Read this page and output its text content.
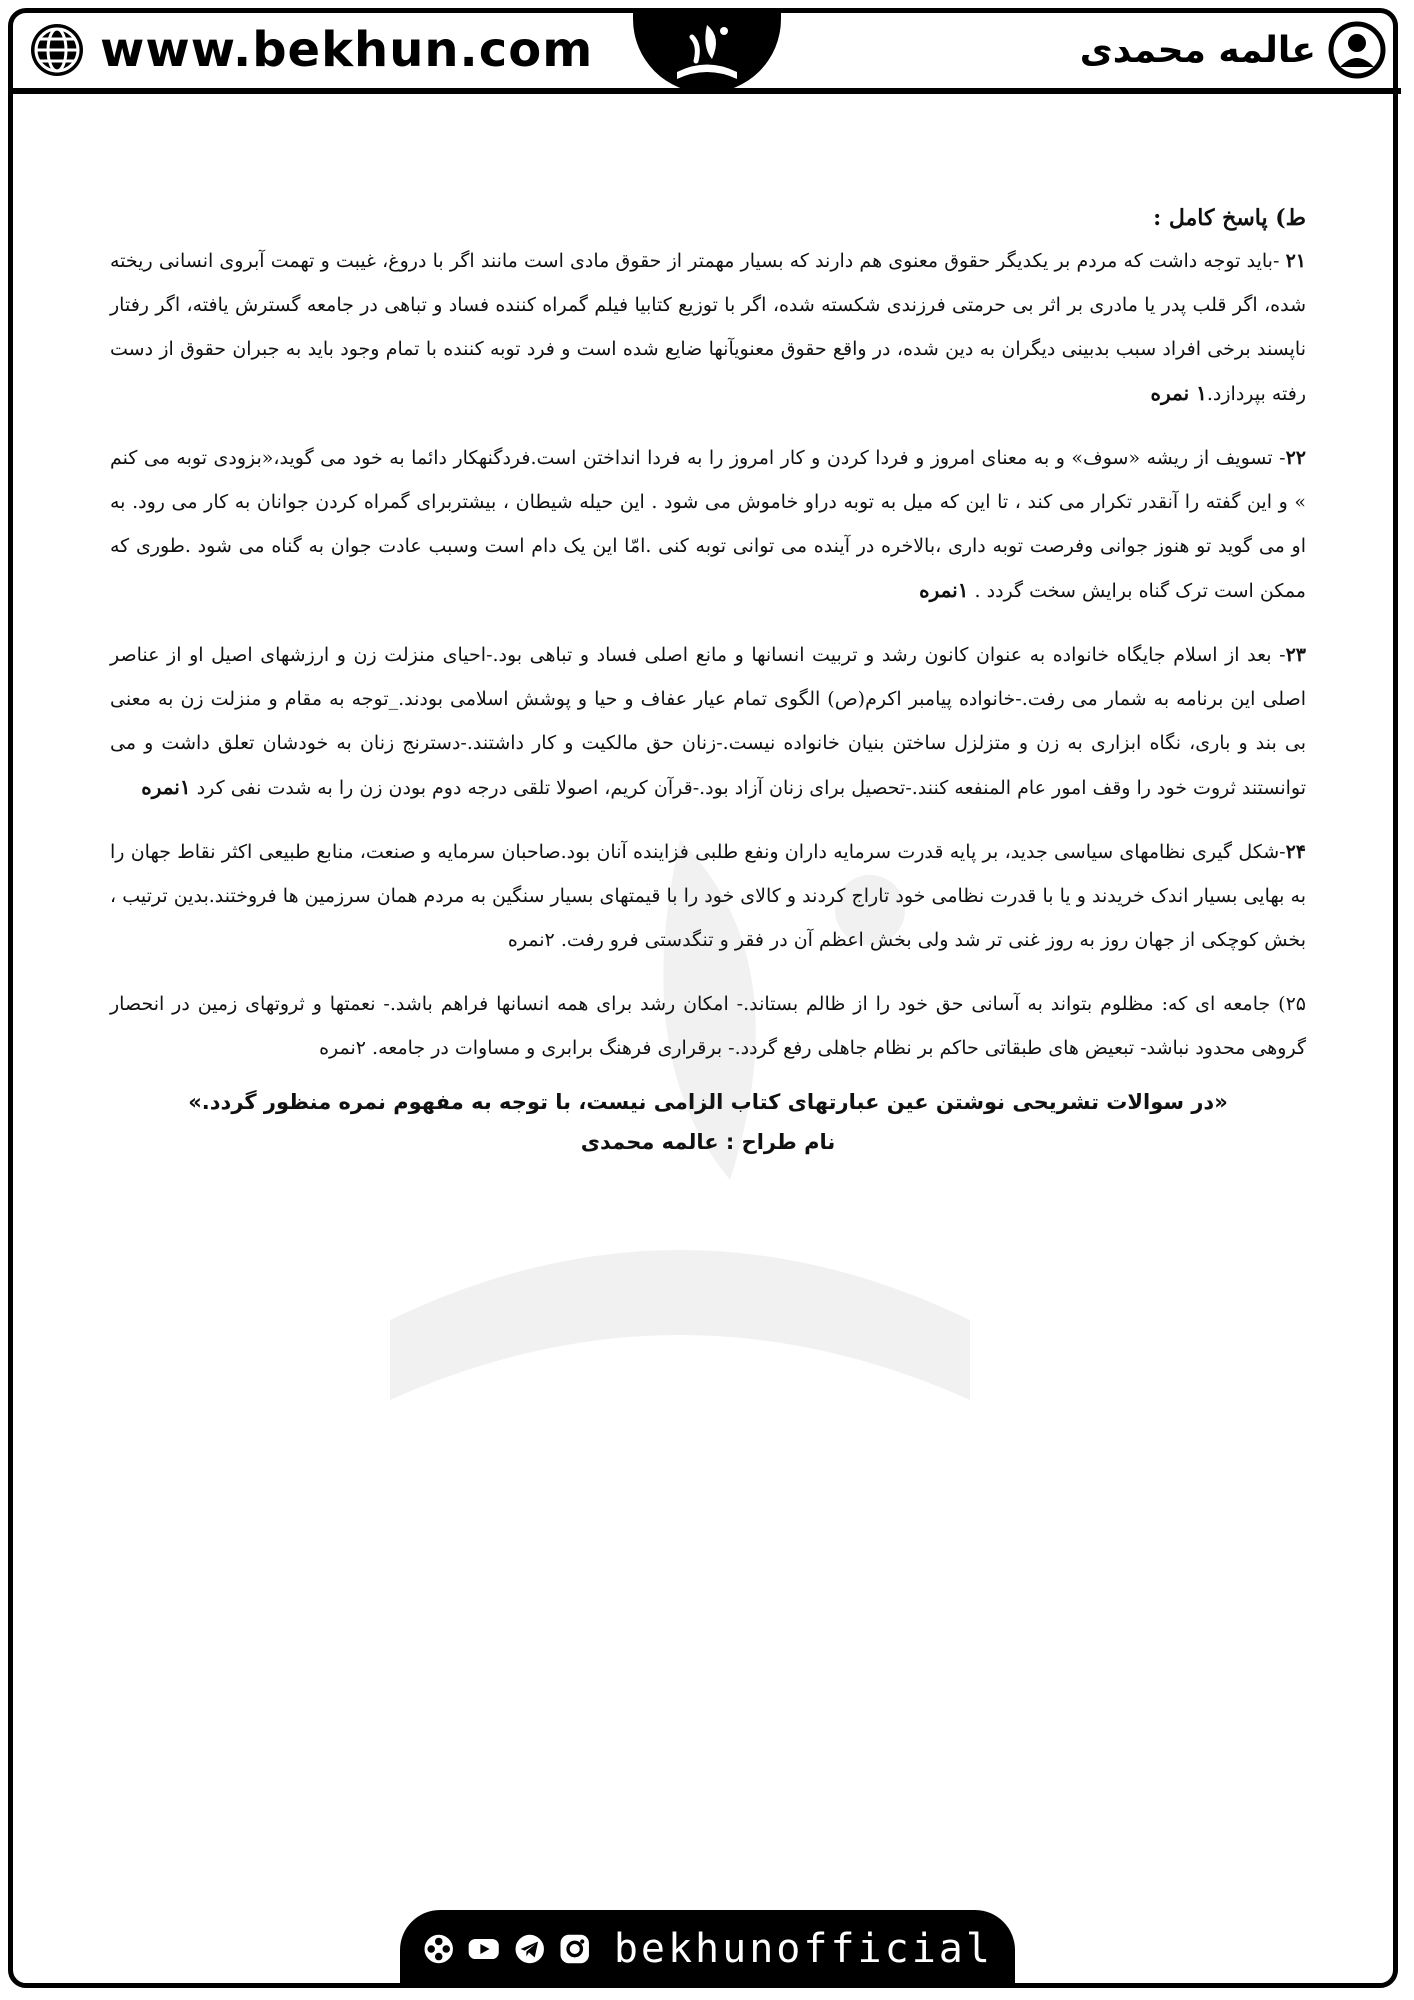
www.bekhun.com	عالمه محمدی
ط) پاسخ کامل :

۲۱ -باید توجه داشت که مردم بر یکدیگر حقوق معنوی هم دارند که بسیار مهمتر از حقوق مادی است مانند اگر با دروغ، غیبت و تهمت آبروی انسانی ریخته شده، اگر قلب پدر یا مادری بر اثر بی حرمتی فرزندی شکسته شده، اگر با توزیع کتابیا فیلم گمراه کننده فساد و تباهی در جامعه گسترش یافته، اگر رفتار ناپسند برخی افراد سبب بدبینی دیگران به دین شده، در واقع حقوق معنویآنها ضایع شده است و فرد توبه کننده با تمام وجود باید به جبران حقوق از دست رفته بپردازد.۱ نمره

۲۲- تسویف از ریشه «سوف» و به معنای امروز و فردا کردن و کار امروز را به فردا انداختن است.فردگنهکار دائما به خود می گوید،«بزودی توبه می کنم » و این گفته را آنقدر تکرار می کند ، تا این که میل به توبه دراو خاموش می شود . این حیله شیطان ، بیشتربرای گمراه کردن جوانان به کار می رود. به او می گوید تو هنوز جوانی وفرصت توبه داری ،بالاخره در آینده می توانی توبه کنی .امّا این یک دام است وسبب عادت جوان به گناه می شود .طوری که ممکن است ترک گناه برایش سخت گردد . ۱نمره

۲۳- بعد از اسلام جایگاه خانواده به عنوان کانون رشد و تربیت انسانها و مانع اصلی فساد و تباهی بود.-احیای منزلت زن و ارزشهای اصیل او از عناصر اصلی این برنامه به شمار می رفت.-خانواده پیامبر اکرم(ص) الگوی تمام عیار عفاف و حیا و پوشش اسلامی بودند._توجه به مقام و منزلت زن به معنی بی بند و باری، نگاه ابزاری به زن و متزلزل ساختن بنیان خانواده نیست.-زنان حق مالکیت و کار داشتند.-دسترنج زنان به خودشان تعلق داشت و می توانستند ثروت خود را وقف امور عام المنفعه کنند.-تحصیل برای زنان آزاد بود.-قرآن کریم، اصولا تلقی درجه دوم بودن زن را به شدت نفی کرد ۱نمره

۲۴-شکل گیری نظامهای سیاسی جدید، بر پایه قدرت سرمایه داران ونفع طلبی فزاینده آنان بود.صاحبان سرمایه و صنعت، منابع طبیعی اکثر نقاط جهان را به بهایی بسیار اندک خریدند و یا با قدرت نظامی خود تاراج کردند و کالای خود را با قیمتهای بسیار سنگین به مردم همان سرزمین ها فروختند.بدین ترتیب ، بخش کوچکی از جهان روز به روز غنی تر شد ولی بخش اعظم آن در فقر و تنگدستی فرو رفت. ۲نمره

۲۵) جامعه ای که: مظلوم بتواند به آسانی حق خود را از ظالم بستاند.- امکان رشد برای همه انسانها فراهم باشد.- نعمتها و ثروتهای زمین در انحصار گروهی محدود نباشد- تبعیض های طبقاتی حاکم بر نظام جاهلی رفع گردد.- برقراری فرهنگ برابری و مساوات در جامعه. ۲نمره

«در سوالات تشریحی نوشتن عین عبارتهای کتاب الزامی نیست، با توجه به مفهوم نمره منظور گردد.»
نام طراح : عالمه محمدی
bekhunofficial
